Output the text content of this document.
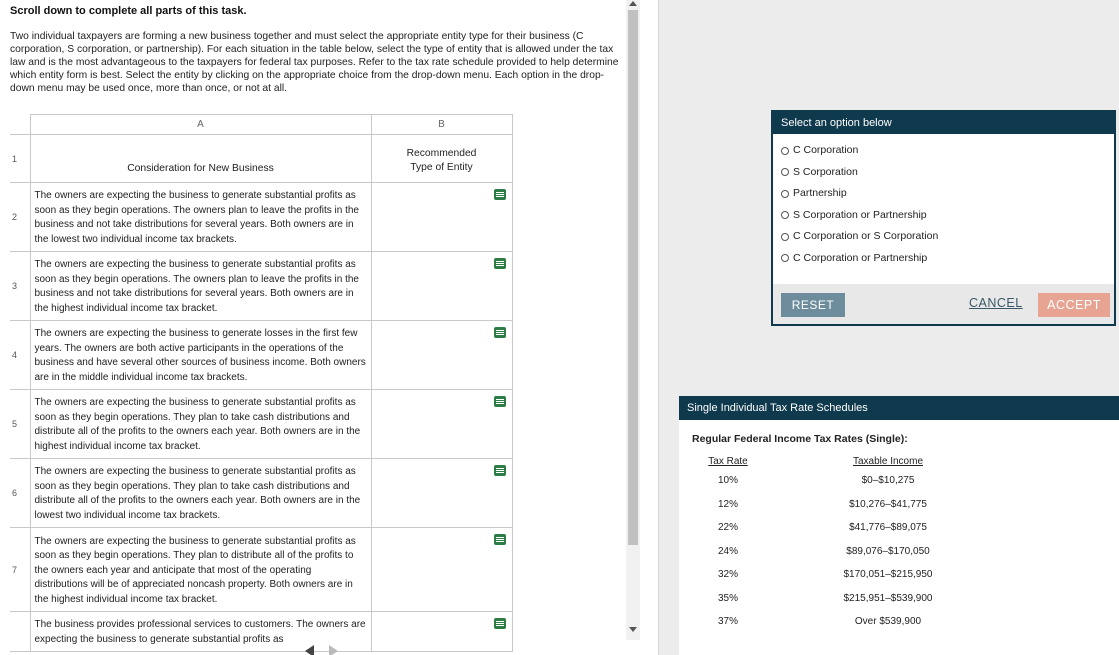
Scroll down to complete all parts of this task.

Two individual taxpayers are forming a new business together and must select the appropriate entity type for their business (C corporation, S corporation, or partnership). For each situation in the table below, select the type of entity that is allowed under the tax law and is the most advantageous to the taxpayers for federal tax purposes. Refer to the tax rate schedule provided to help determine which entity form is best. Select the entity by clicking on the appropriate choice from the drop-down menu. Each option in the drop-down menu may be used once, more than once, or not at all.

	A	B
1	Consideration for New Business	Recommended
Type of Entity

2	The owners are expecting the business to generate substantial profits as soon as they begin operations. The owners plan to leave the profits in the business and not take distributions for several years. Both owners are in the lowest two individual income tax brackets.	

3	The owners are expecting the business to generate substantial profits as soon as they begin operations. The owners plan to leave the profits in the business and not take distributions for several years. Both owners are in the highest individual income tax bracket.	

4	The owners are expecting the business to generate losses in the first few years. The owners are both active participants in the operations of the business and have several other sources of business income. Both owners are in the middle individual income tax brackets.	

5	The owners are expecting the business to generate substantial profits as soon as they begin operations. They plan to take cash distributions and distribute all of the profits to the owners each year. Both owners are in the highest individual income tax bracket.	

6	The owners are expecting the business to generate substantial profits as soon as they begin operations. They plan to take cash distributions and distribute all of the profits to the owners each year. Both owners are in the lowest two individual income tax brackets.	

7	The owners are expecting the business to generate substantial profits as soon as they begin operations. They plan to distribute all of the profits to the owners each year and anticipate that most of the operating distributions will be of appreciated noncash property. Both owners are in the highest individual income tax bracket.	

	The business provides professional services to customers. The owners are expecting the business to generate substantial profits as	
Select an option below
C Corporation
S Corporation
Partnership
S Corporation or Partnership
C Corporation or S Corporation
C Corporation or Partnership
RESET	CANCEL	ACCEPT
Single Individual Tax Rate Schedules
Regular Federal Income Tax Rates (Single):
Tax Rate	Taxable Income
10%	$0–$10,275
12%	$10,276–$41,775
22%	$41,776–$89,075
24%	$89,076–$170,050
32%	$170,051–$215,950
35%	$215,951–$539,900
37%	Over $539,900
